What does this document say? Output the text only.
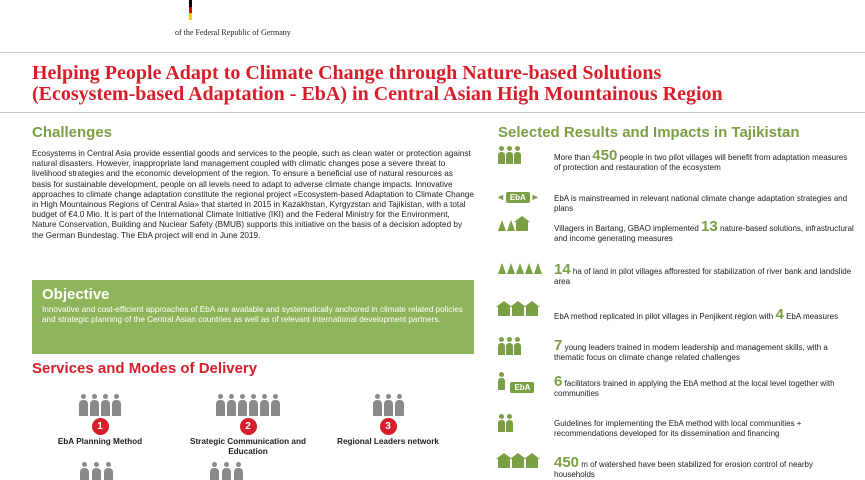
of the Federal Republic of Germany
Helping People Adapt to Climate Change through Nature-based Solutions
(Ecosystem-based Adaptation - EbA) in Central Asian High Mountainous Region
Challenges
Ecosystems in Central Asia provide essential goods and services to the people, such as clean water or protection against natural disasters. However, inappropriate land management coupled with climatic changes pose a severe threat to livelihood strategies and the economic development of the region. To ensure a beneficial use of natural resources as basis for sustainable development, people on all levels need to adapt to adverse climate change impacts. Innovative approaches to climate change adaptation constitute the regional project «Ecosystem-based Adaptation to Climate Change in High Mountainous Regions of Central Asia» that started in 2015 in Kazakhstan, Kyrgyzstan and Tajikistan, with a total budget of €4.0 Mio. It is part of the International Climate Initiative (IKI) and the Federal Ministry for the Environment, Nature Conservation, Building and Nuclear Safety (BMUB) supports this initiative on the basis of a decision adopted by the German Bundestag. The EbA project will end in June 2019.
Objective
Innovative and cost-efficient approaches of EbA are available and systematically anchored in climate related policies and strategic planning of the Central Asian countries as well as of relevant international development partners.
Services and Modes of Delivery
1
EbA Planning Method
2
Strategic Communication and Education
3
Regional Leaders network
Selected Results and Impacts in Tajikistan
More than 450 people in two pilot villages will benefit from adaptation measures of protection and restauration of the ecosystem
◂ EbA ▸	EbA is mainstreamed in relevant national climate change adaptation strategies and plans
Villagers in Bartang, GBAO implemented 13 nature-based solutions, infrastructural and income generating measures
14 ha of land in pilot villages afforested for stabilization of river bank and landslide area
EbA method replicated in pilot villages in Penjikent region with 4 EbA measures
7 young leaders trained in modern leadership and management skills, with a thematic focus on climate change related challenges
EbA	6 facilitators trained in applying the EbA method at the local level together with communities
Guidelines for implementing the EbA method with local communities + recommendations developed for its dissemination and financing
450 m of watershed have been stabilized for erosion control of nearby households
